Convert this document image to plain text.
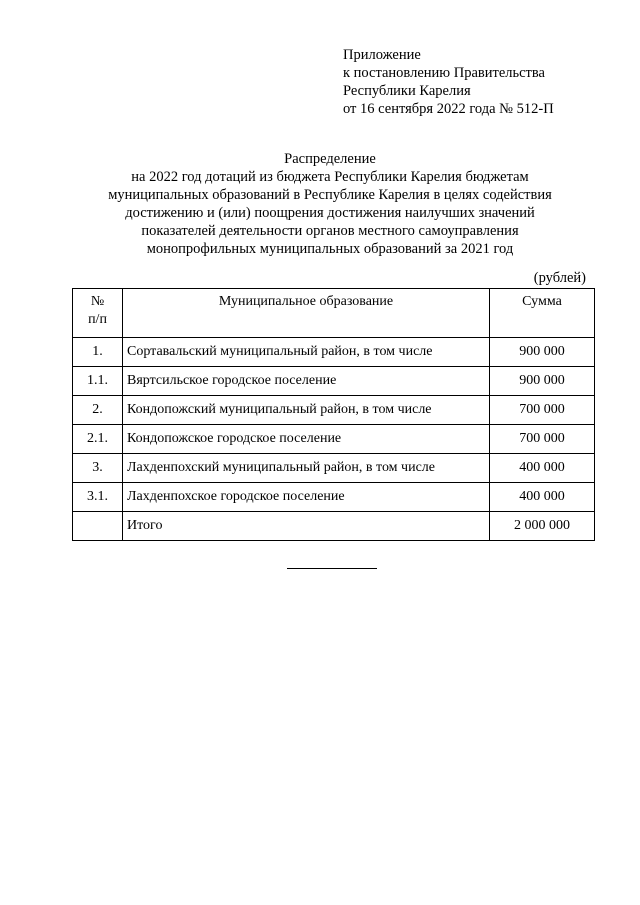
Приложение
к постановлению Правительства
Республики Карелия
от 16 сентября 2022 года № 512-П
Распределение
на 2022 год дотаций из бюджета Республики Карелия бюджетам
муниципальных образований в Республике Карелия в целях содействия
достижению и (или) поощрения достижения наилучших значений
показателей деятельности органов местного самоуправления
монопрофильных муниципальных образований за 2021 год
(рублей)
№
п/п	Муниципальное образование	Сумма
1.	Сортавальский муниципальный район, в том числе	900 000
1.1.	Вяртсильское городское поселение	900 000
2.	Кондопожский муниципальный район, в том числе	700 000
2.1.	Кондопожское городское поселение	700 000
3.	Лахденпохский муниципальный район, в том числе	400 000
3.1.	Лахденпохское городское поселение	400 000
	Итого	2 000 000
